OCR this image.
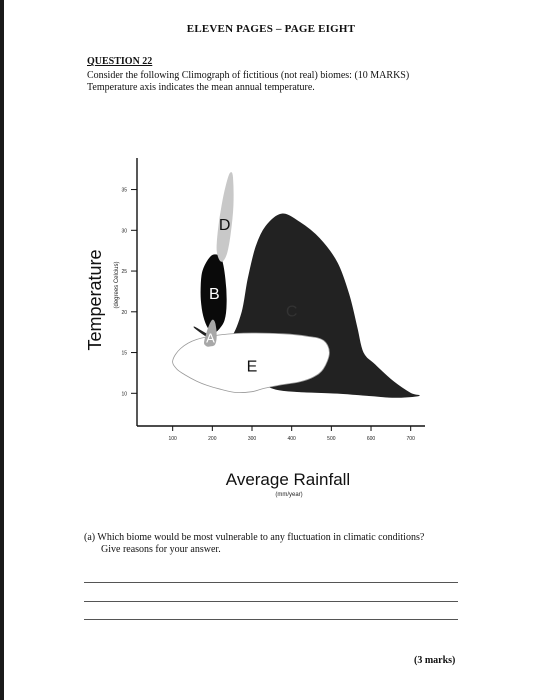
ELEVEN PAGES – PAGE EIGHT
QUESTION 22
Consider the following Climograph of fictitious (not real) biomes: (10 MARKS)
Temperature axis indicates the mean annual temperature.
C
E
B
D
A
10
15
20
25
30
35
100	200	300	400	500	600	700
Temperature (degrees Celcius)
Average Rainfall
(mm/year)
(a) Which biome would be most vulnerable to any fluctuation in climatic conditions?
Give reasons for your answer.
(3 marks)
